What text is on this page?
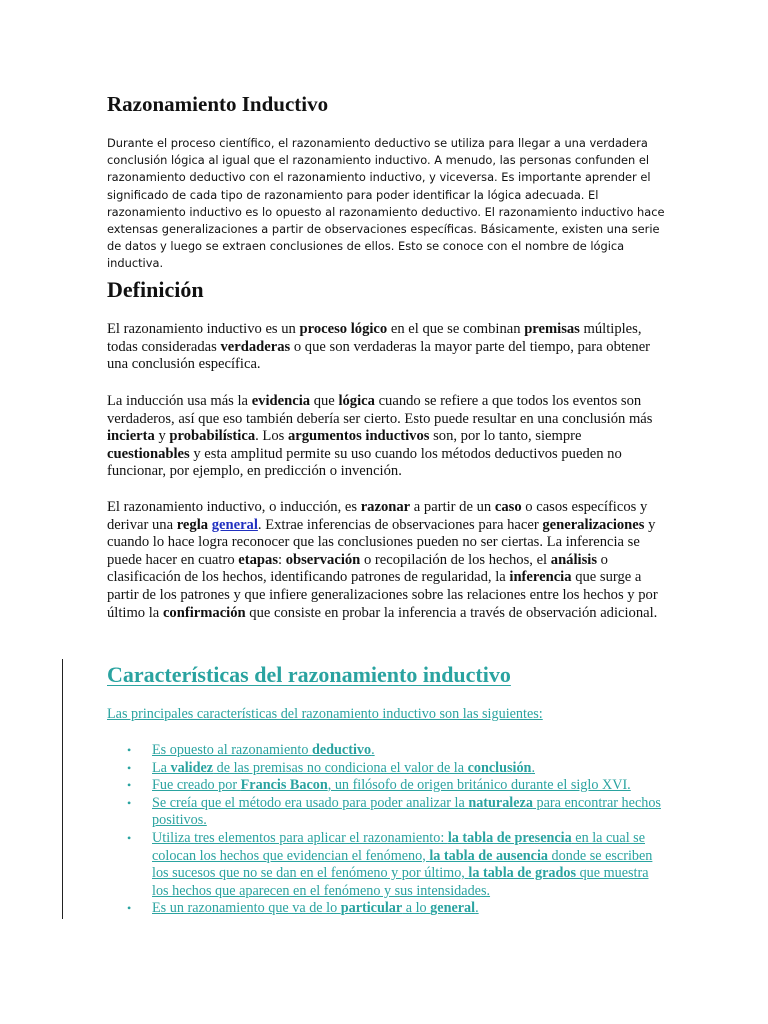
Razonamiento Inductivo

Durante el proceso científico, el razonamiento deductivo se utiliza para llegar a una verdadera conclusión lógica al igual que el razonamiento inductivo. A menudo, las personas confunden el razonamiento deductivo con el razonamiento inductivo, y viceversa. Es importante aprender el significado de cada tipo de razonamiento para poder identificar la lógica adecuada. El razonamiento inductivo es lo opuesto al razonamiento deductivo. El razonamiento inductivo hace extensas generalizaciones a partir de observaciones específicas. Básicamente, existen una serie de datos y luego se extraen conclusiones de ellos. Esto se conoce con el nombre de lógica inductiva.

Definición

El razonamiento inductivo es un proceso lógico en el que se combinan premisas múltiples, todas consideradas verdaderas o que son verdaderas la mayor parte del tiempo, para obtener una conclusión específica.

La inducción usa más la evidencia que lógica cuando se refiere a que todos los eventos son verdaderos, así que eso también debería ser cierto. Esto puede resultar en una conclusión más incierta y probabilística. Los argumentos inductivos son, por lo tanto, siempre cuestionables y esta amplitud permite su uso cuando los métodos deductivos pueden no funcionar, por ejemplo, en predicción o invención.

El razonamiento inductivo, o inducción, es razonar a partir de un caso o casos específicos y derivar una regla general. Extrae inferencias de observaciones para hacer generalizaciones y cuando lo hace logra reconocer que las conclusiones pueden no ser ciertas. La inferencia se puede hacer en cuatro etapas: observación o recopilación de los hechos, el análisis o clasificación de los hechos, identificando patrones de regularidad, la inferencia que surge a partir de los patrones y que infiere generalizaciones sobre las relaciones entre los hechos y por último la confirmación que consiste en probar la inferencia a través de observación adicional.

Características del razonamiento inductivo

Las principales características del razonamiento inductivo son las siguientes:

• Es opuesto al razonamiento deductivo.
• La validez de las premisas no condiciona el valor de la conclusión.
• Fue creado por Francis Bacon, un filósofo de origen británico durante el siglo XVI.
• Se creía que el método era usado para poder analizar la naturaleza para encontrar hechos positivos.
• Utiliza tres elementos para aplicar el razonamiento: la tabla de presencia en la cual se colocan los hechos que evidencian el fenómeno, la tabla de ausencia donde se escriben los sucesos que no se dan en el fenómeno y por último, la tabla de grados que muestra los hechos que aparecen en el fenómeno y sus intensidades.
• Es un razonamiento que va de lo particular a lo general.
